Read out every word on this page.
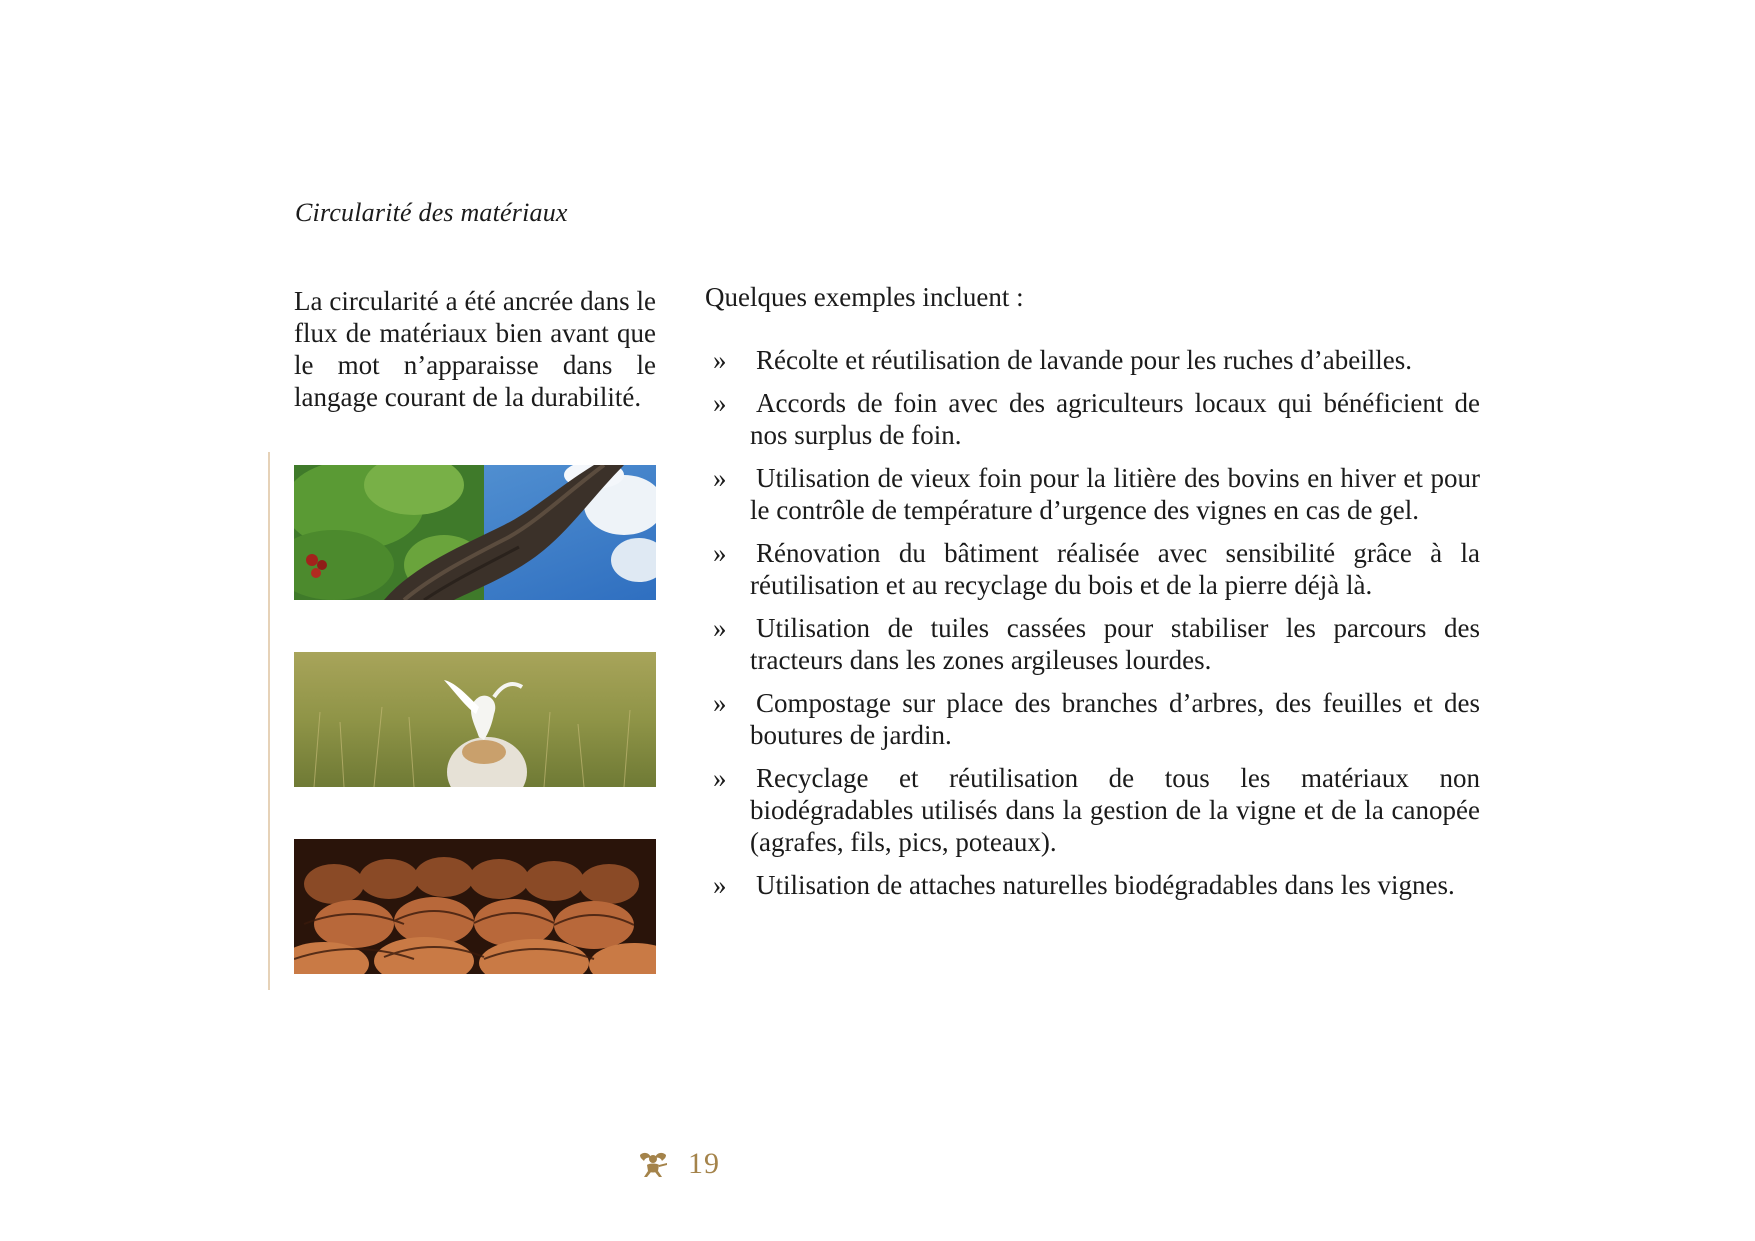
Circularité des matériaux

La circularité a été ancrée dans le flux de matériaux bien avant que le mot n’apparaisse dans le langage courant de la durabilité.

Quelques exemples incluent :
» Récolte et réutilisation de lavande pour les ruches d’abeilles.
» Accords de foin avec des agriculteurs locaux qui bénéficient de nos surplus de foin.
» Utilisation de vieux foin pour la litière des bovins en hiver et pour le contrôle de température d’urgence des vignes en cas de gel.
» Rénovation du bâtiment réalisée avec sensibilité grâce à la réutilisation et au recyclage du bois et de la pierre déjà là.
» Utilisation de tuiles cassées pour stabiliser les parcours des tracteurs dans les zones argileuses lourdes.
» Compostage sur place des branches d’arbres, des feuilles et des boutures de jardin.
» Recyclage et réutilisation de tous les matériaux non biodégradables utilisés dans la gestion de la vigne et de la canopée (agrafes, fils, pics, poteaux).
» Utilisation de attaches naturelles biodégradables dans les vignes.
19
